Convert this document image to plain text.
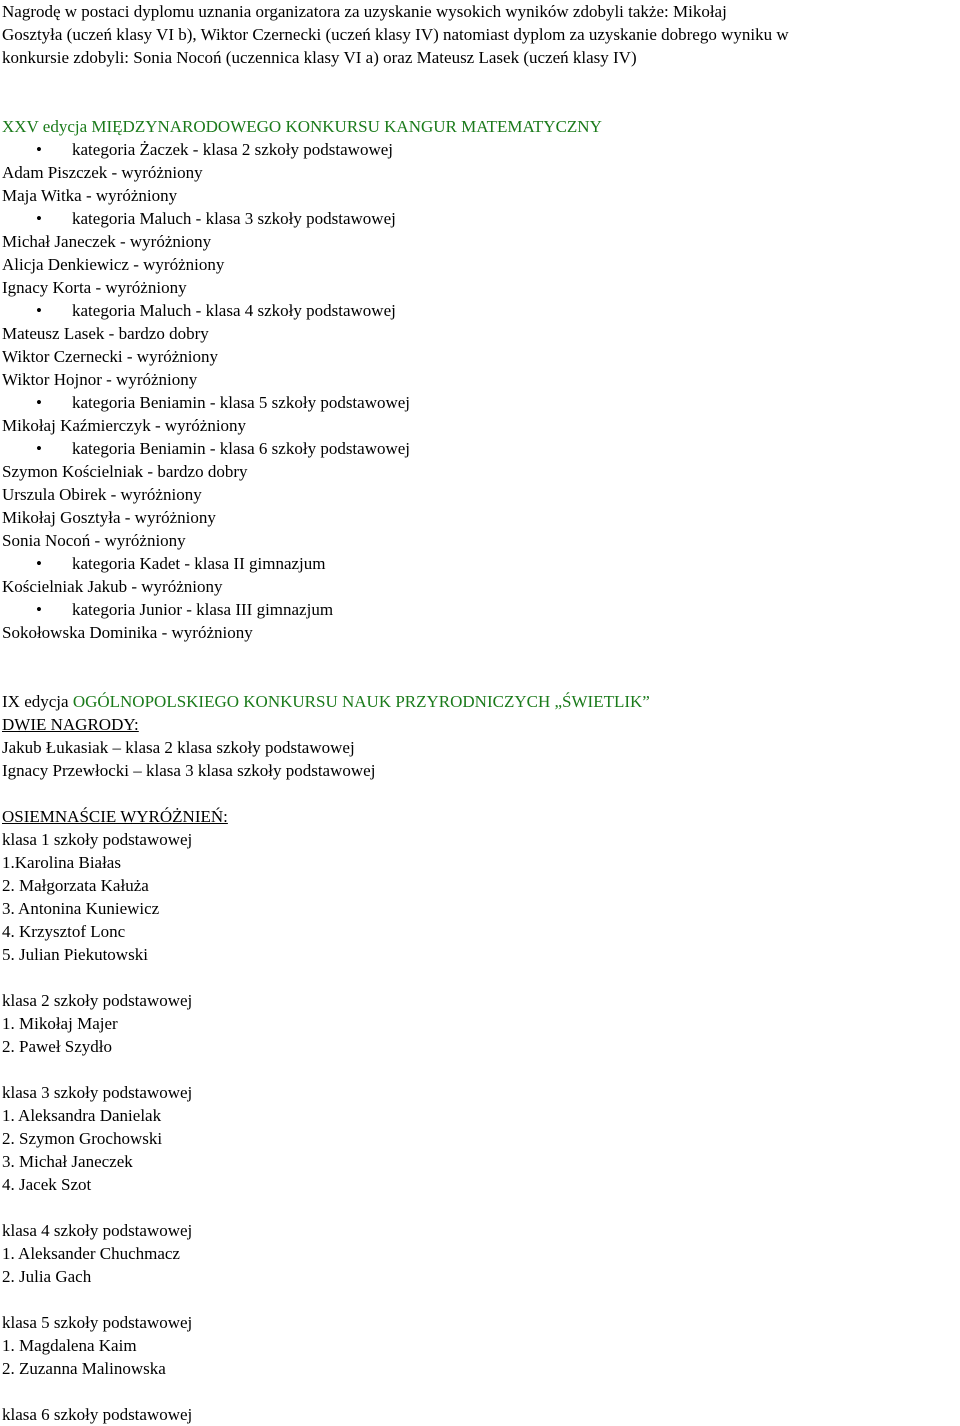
Nagrodę w postaci dyplomu uznania organizatora za uzyskanie wysokich wyników zdobyli także: Mikołaj
Gosztyła (uczeń klasy VI b), Wiktor Czernecki (uczeń klasy IV) natomiast dyplom za uzyskanie dobrego wyniku w
konkursie zdobyli: Sonia Nocoń (uczennica klasy VI a) oraz Mateusz Lasek (uczeń klasy IV)
XXV edycja MIĘDZYNARODOWEGO KONKURSU KANGUR MATEMATYCZNY
• kategoria Żaczek - klasa 2 szkoły podstawowej
Adam Piszczek - wyróżniony
Maja Witka - wyróżniony
• kategoria Maluch - klasa 3 szkoły podstawowej
Michał Janeczek - wyróżniony
Alicja Denkiewicz - wyróżniony
Ignacy Korta - wyróżniony
• kategoria Maluch - klasa 4 szkoły podstawowej
Mateusz Lasek - bardzo dobry
Wiktor Czernecki - wyróżniony
Wiktor Hojnor - wyróżniony
• kategoria Beniamin - klasa 5 szkoły podstawowej
Mikołaj Kaźmierczyk - wyróżniony
• kategoria Beniamin - klasa 6 szkoły podstawowej
Szymon Kościelniak - bardzo dobry
Urszula Obirek - wyróżniony
Mikołaj Gosztyła - wyróżniony
Sonia Nocoń - wyróżniony
• kategoria Kadet - klasa II gimnazjum
Kościelniak Jakub - wyróżniony
• kategoria Junior - klasa III gimnazjum
Sokołowska Dominika - wyróżniony
IX edycja OGÓLNOPOLSKIEGO KONKURSU NAUK PRZYRODNICZYCH „ŚWIETLIK”
DWIE NAGRODY:
Jakub Łukasiak – klasa 2 klasa szkoły podstawowej
Ignacy Przewłocki – klasa 3 klasa szkoły podstawowej
OSIEMNAŚCIE WYRÓŻNIEŃ:
klasa 1 szkoły podstawowej
1.Karolina Białas
2. Małgorzata Kałuża
3. Antonina Kuniewicz
4. Krzysztof Lonc
5. Julian Piekutowski
klasa 2 szkoły podstawowej
1. Mikołaj Majer
2. Paweł Szydło
klasa 3 szkoły podstawowej
1. Aleksandra Danielak
2. Szymon Grochowski
3. Michał Janeczek
4. Jacek Szot
klasa 4 szkoły podstawowej
1. Aleksander Chuchmacz
2. Julia Gach
klasa 5 szkoły podstawowej
1. Magdalena Kaim
2. Zuzanna Malinowska
klasa 6 szkoły podstawowej
